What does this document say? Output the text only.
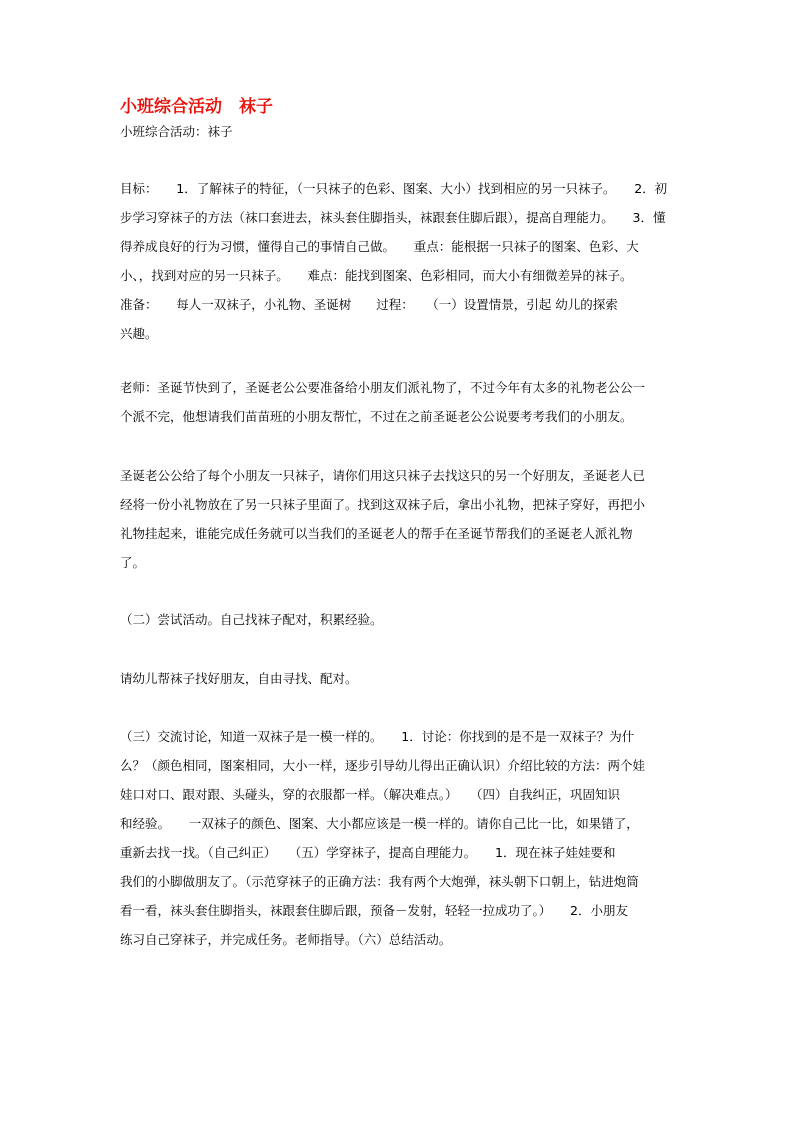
小班综合活动　袜子
小班综合活动：袜子
目标：　　1．了解袜子的特征，（一只袜子的色彩、图案、大小）找到相应的另一只袜子。　　2．初
步学习穿袜子的方法（袜口套进去，袜头套住脚指头，袜跟套住脚后跟），提高自理能力。　　3．懂
得养成良好的行为习惯，懂得自己的事情自己做。　　重点：能根据一只袜子的图案、色彩、大
小、，找到对应的另一只袜子。　　难点：能找到图案、色彩相同，而大小有细微差异的袜子。
准备：　　每人一双袜子，小礼物、圣诞树　　过程：　　（一）设置情景，引起 幼儿的探索
兴趣。
老师：圣诞节快到了，圣诞老公公要准备给小朋友们派礼物了，不过今年有太多的礼物老公公一
个派不完，他想请我们苗苗班的小朋友帮忙，不过在之前圣诞老公公说要考考我们的小朋友。
圣诞老公公给了每个小朋友一只袜子，请你们用这只袜子去找这只的另一个好朋友，圣诞老人已
经将一份小礼物放在了另一只袜子里面了。找到这双袜子后，拿出小礼物，把袜子穿好，再把小
礼物挂起来，谁能完成任务就可以当我们的圣诞老人的帮手在圣诞节帮我们的圣诞老人派礼物
了。
（二）尝试活动。自己找袜子配对，积累经验。
请幼儿帮袜子找好朋友，自由寻找、配对。
（三）交流讨论，知道一双袜子是一模一样的。　　1．讨论：你找到的是不是一双袜子？为什
么？（颜色相同，图案相同，大小一样，逐步引导幼儿得出正确认识）介绍比较的方法：两个娃
娃口对口、跟对跟、头碰头，穿的衣服都一样。（解决难点。）　　（四）自我纠正，巩固知识
和经验。　　一双袜子的颜色、图案、大小都应该是一模一样的。请你自己比一比，如果错了，
重新去找一找。（自己纠正）　　（五）学穿袜子，提高自理能力。　　1．现在袜子娃娃要和
我们的小脚做朋友了。（示范穿袜子的正确方法：我有两个大炮弹，袜头朝下口朝上，钻进炮筒
看一看，袜头套住脚指头，袜跟套住脚后跟，预备－发射，轻轻一拉成功了。）　　2．小朋友
练习自己穿袜子，并完成任务。老师指导。（六）总结活动。
